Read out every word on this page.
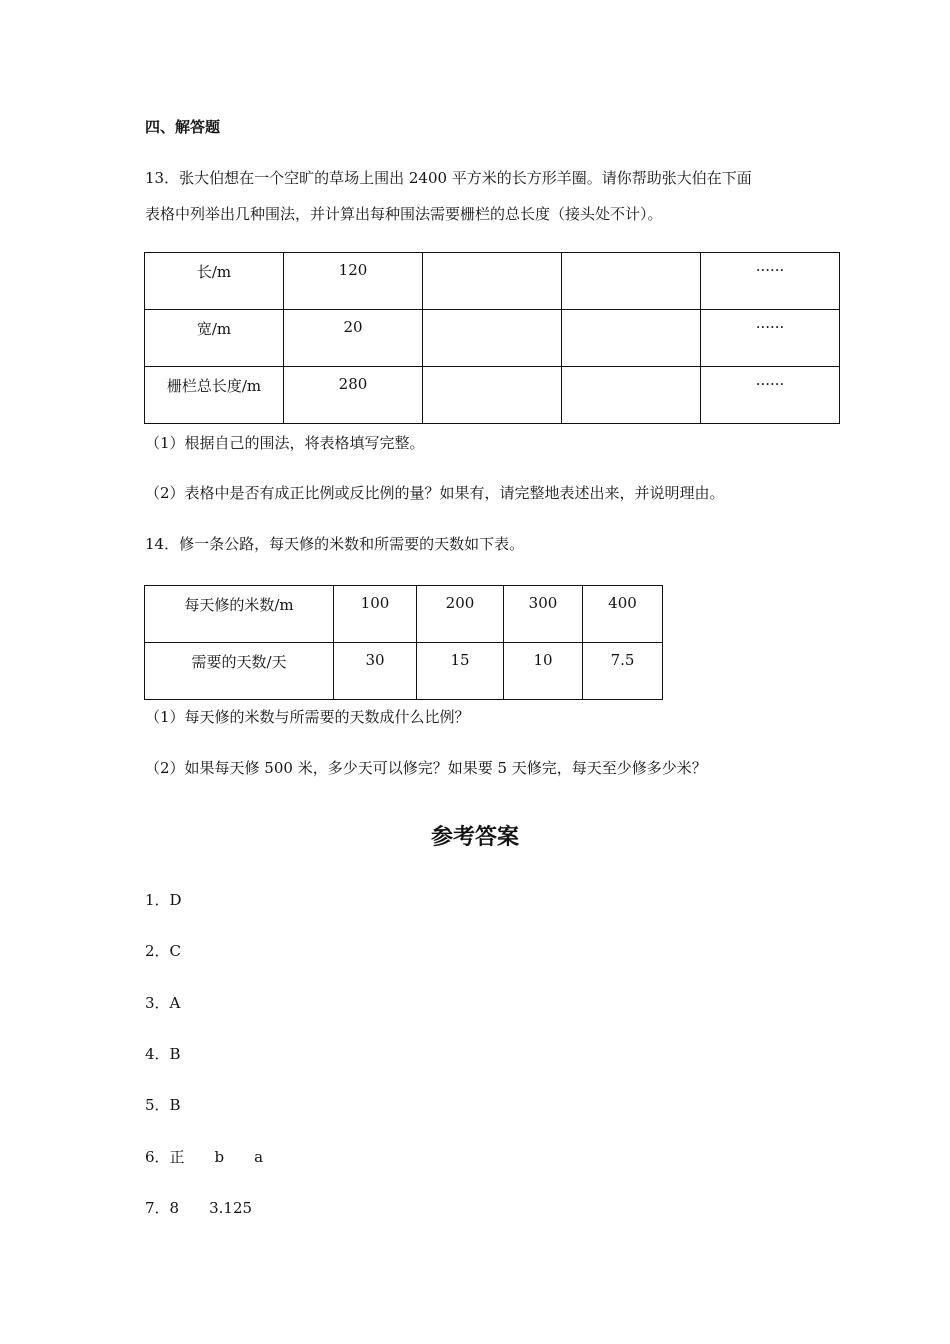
四、解答题
13．张大伯想在一个空旷的草场上围出 2400 平方米的长方形羊圈。请你帮助张大伯在下面
表格中列举出几种围法，并计算出每种围法需要栅栏的总长度（接头处不计）。
长/m	120			······
宽/m	20			······
栅栏总长度/m	280			······
（1）根据自己的围法，将表格填写完整。
（2）表格中是否有成正比例或反比例的量？如果有，请完整地表述出来，并说明理由。
14．修一条公路，每天修的米数和所需要的天数如下表。
每天修的米数/m	100	200	300	400
需要的天数/天	30	15	10	7.5
（1）每天修的米数与所需要的天数成什么比例？
（2）如果每天修 500 米，多少天可以修完？如果要 5 天修完，每天至少修多少米？
参考答案
1．D
2．C
3．A
4．B
5．B
6．正　　b　　a
7．8　　3.125
